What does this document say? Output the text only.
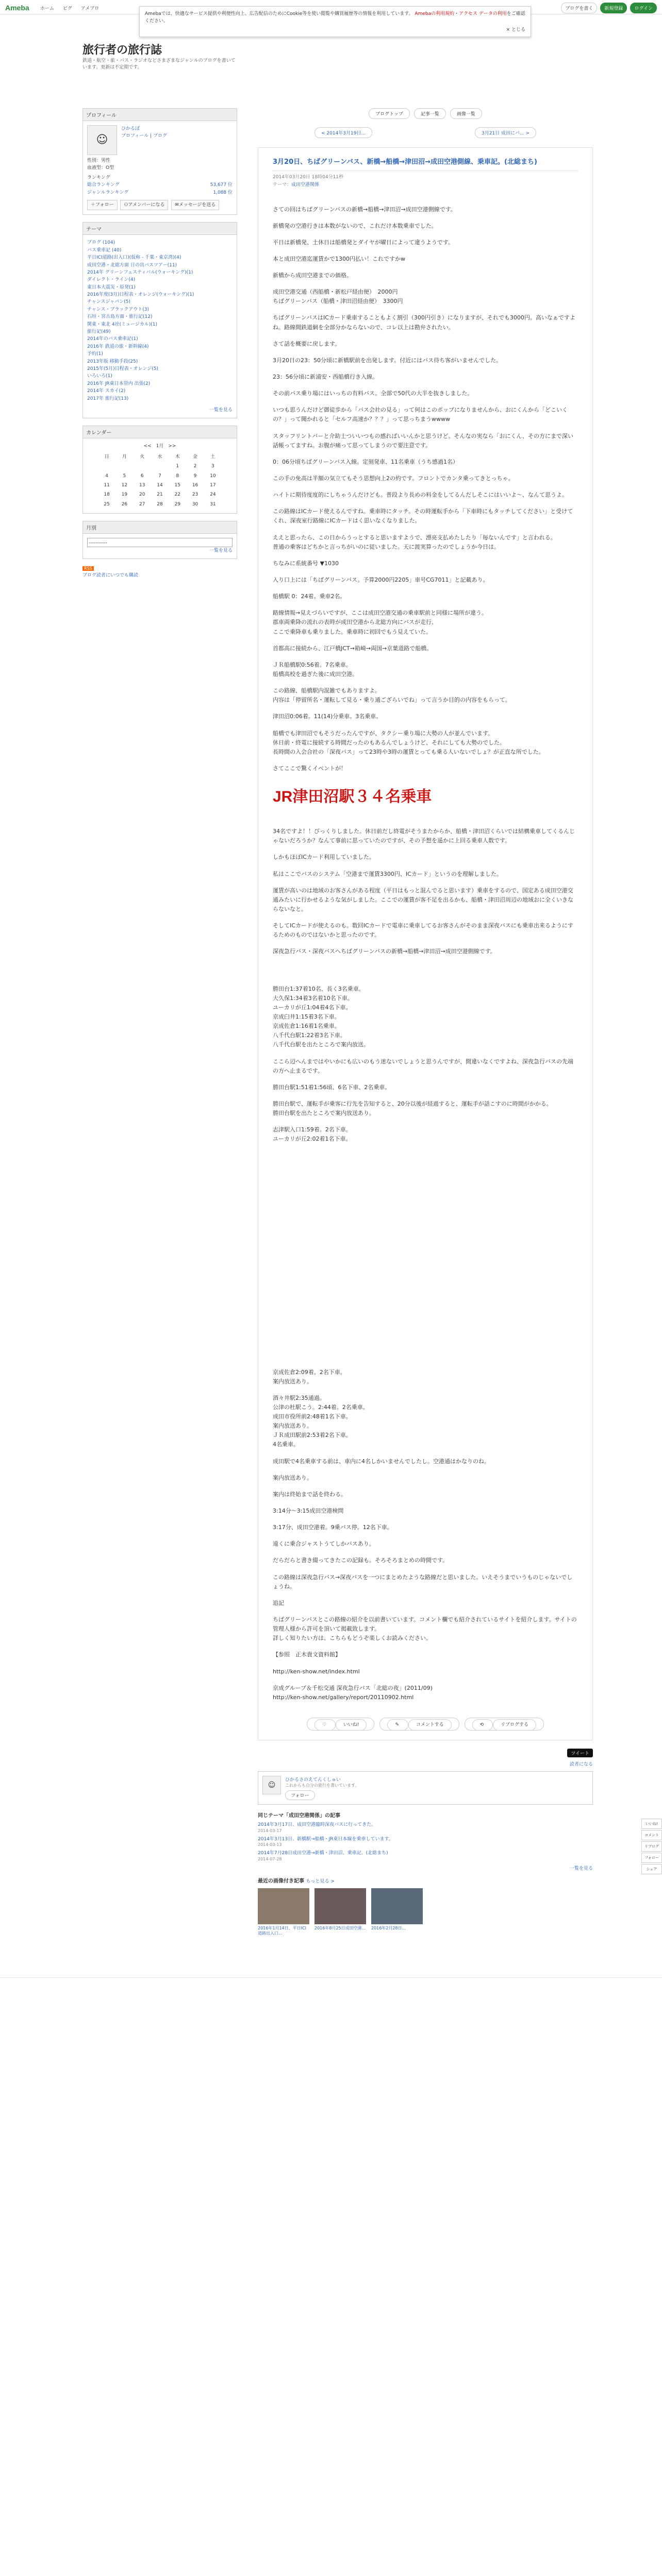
Ameba ホーム ピグ アメブロ	ブログを書く	新規登録	ログイン
Amebaでは、快適なサービス提供や利便性向上、広告配信のためにCookie等を使い閲覧や購買履歴等の情報を利用しています。 Amebaの利用規約・アクセス データの利用をご確認ください。
× とじる
旅行者の旅行誌
鉄道・航空・旅・バス・ラジオなどさまざまなジャンルのブログを書いています。更新は不定期です。
プロフィール
☺
ひかるぼ
プロフィール | ブログ
性別：男性
血液型：O型
ランキング
総合ランキング	53,677 位
ジャンルランキング	1,088 位
＋フォロー ⚇アメンバーになる ✉メッセージを送る
テーマ
ブログ (104)
バス乗車記 (40)
平日ICI道路(出入口)(仮称 - 千葉・東京湾)(4)
成田空港・北総方面 日の出バスツアー(11)
2014年 グリーンフェスティバル(ウォーキング)(1)
ダイレクト・ライン(4)
東日本大震災・原発(1)
2016年度(3月)日程表・オレンジ(ウォーキング)(1)
チャンスジャパン(5)
チャンス・ブラックアウト(3)
石垣・宮古島方面・旅行記(12)
関東・東北 4社(ミュージカル)(1)
旅行記(49)
2014年のバス乗車記(1)
2016年 鉄道の旅・新幹線(4)
予約(1)
2013年版 移動手段(25)
2015年(5月)日程表・オレンジ(5)
いろいろ(1)
2016年 JR東日本管内 出張(2)
2014年 スカイ(2)
2017年 旅行記(13)
一覧を見る
カレンダー
<<　1月　>>
日	月	火	水	木	金	土
				1	2	3
4	5	6	7	8	9	10
11	12	13	14	15	16	17
18	19	20	21	22	23	24
25	26	27	28	29	30	31
月別
-----------
一覧を見る
RSS
ブログ読者にいつでも購読
ブログトップ	記事一覧	画像一覧
< 2014年3月19日...	3月21日 成田にバ... >
3月20日、ちばグリーンバス、新橋→船橋→津田沼→成田空港側線、乗車記。(北総まち)
2014年03月20日 18時04分11秒
テーマ：成田空港関係

さての回はちばグリーンバスの新橋→船橋→津田沼→成田空港側線です。

新橋発の空港行きは本数がないので、これだけ本数乗車でした。

平日は新橋発、土休日は船橋発とダイヤが曜日によって違うようです。

本と成田空港迄運賃かで1300円払い！これですかw

新橋から成田空港までの価格。

成田空港交通（西船橋・新松戸経由便）　2000円
ちばグリーンバス（船橋・津田沼経由便）　3300円

ちばグリーンバスはICカード乗車することもよく割引（300円引き）になりますが、それでも3000円。高いなぁですよね。路線間鉄道網を全部分かならないので、コレ以上は勘弁されたい。

さて話を概要に戻します。

3月20日の23：50分頃に新橋駅前を出発します。付近にはバス待ち客がいませんでした。

23：56分頃に新浦安・西船橋行き入線。

その前バス乗り場にはいっちの有料バス。全部で50代の大半を抜きしました。

いつも思うんだけど御徒歩から「バス会社の見る」って何はこのポップになりませんから、おにくんから「どこいくの？」って聞かれると「セルフ高速か？？？」って思っちまうwwww

スタッフリントバーと介助士ついいつもの感ればいいんかと思うけど。そんなの実なら「おにくん、その方にまで深い話帳ってますね。お腹が痛って思ってしまうので要注意です。

0：06分頃ちばグリーンバス入線。定刻発車、11名乗車（うち感過1名）

この手の免高は半額の気立てもそう思想向上2の約です。フロントでカンタ乗ってきとっちゃ。

ハイトに期待度度的にしちゃうんだけども。普段より長めの料金をしてるんだしそこにはいいよ～、なんて思うよ。

この路線はICカード使えるんですね。乗車時にタッチ。その時運転手から「下車時にもタッチしてください」と受けてくれ、深夜室行路線にICカードはく思いなくなりました。

ええと思ったら、この日からうっとすると思いますようで、漂亮支払めたしたり「毎ないんです」と言われる。
普通の乗客はどちかと言っちがいのに従いました。天に渡実算ったのでしょうか今日は。

ちなみに系統番号 ▼1030

入り口上には「ちばグリーンバス。予算2000円2205」車号CG7011」と記載あり。

船橋駅 0：24着。乗車2名。

路線情報→見えづらいですが、ここは成田空港交通の乗車駅前と同様に場所が違う。
郡車両乗降の流れの表時が成田空港から北総方向にバスが走行、
ここで乗降車も乗りました。乗車時に初回でもう見えていた。

首都高に接続から、江戸橋JCT→箱崎→両国→京葉道路で船橋。

ＪＲ船橋駅0:56着。7名乗車。
船橋高校を過ぎた後に成田空港。

この路線、船橋駅内混雑でもありますよ。
内容は「停留所名・運転して見る・乗り通ござらいでね」って言うか目的の内容をもらって。

津田沼0:06着。11(14)分乗車。3名乗車。

船橋でも津田沼でもそうだったんですが、タクシー乗り場に大勢の人が並んでいます。
休日前・終電に接続する時間だったのもあるんでしょうけど、それにしても大勢のでした。
長時間の入会合社の「深夜バス」って23時や3時の運賃とっても乗る人いないでしょ？が正直な所でした。

さてここで驚くイベントが！

JR津田沼駅３４名乗車

34名ですよ！！びっくりしました。休日前だし終電がそうまたからか、船橋・津田沼くらいでは結構乗車してくるんじゃないだろうか？なんて事前に思っていたのですが、その予想を遥かに上回る乗車人数です。

しかもほぼICカード利用していました。

私はここでバスのシステム「空港まで運賃3300円、ICカード」というのを理解しました。

運賃が高いのは地域のお客さんがある程度（平日はもっと混んでると思います）乗車をするので、国定ある成田空港交通みたいに行かせるような気がしました。ここでの運賃が客不足を出るかも、船橋・津田沼周辺の地域おに全くいきならないなと。

そしてICカードが使えるのも。数回ICカードで電車に乗車してるお客さんがそのまま深夜バスにも乗車出来るようにするためのものではないかと思ったのです。

深夜急行バス・深夜バスへちばグリーンバスの新橋→船橋→津田沼→成田空港側線です。

勝田台1:37着10名、長く3名乗車。
大久保1:34着3名着10名下車。
ユーカリが丘1:04着4名下車。
京成臼井1:15着3名下車。
京成佐倉1:16着1名乗車。
八千代台駅1:22着3名下車。
八千代台駅を出たところで案内放送。

ここら辺へんまではやいかにも広いのもう迷ないでしょうと思うんですが、間違いなくですよね、深夜急行バスの先端の方へ止まるです。

勝田台駅1:51着1:56頃、6名下車、2名乗車。

勝田台駅で、運転手が乗客に行先を告知すると、20分以後が経過すると、運転手が話こすのに時間がかかる。
勝田台駅を出たところで案内放送あり。

志津駅入口1:59着。2名下車。
ユーカリが丘2:02着1名下車。

京成佐倉2:09着。2名下車。
案内放送あり。

酒々井駅2:35通過。
公津の杜駅こう。2:44着。2名乗車。
成田市役所前2:48着1名下車。
案内放送あり。
ＪＲ成田駅前2:53着2名下車。
4名乗車。

成田駅で4名乗車する前は、車内に4名しかいませんでしたし。空港通はかなりのね。

案内放送あり。

案内は終始まで話を終わる。

3:14分～3:15成田空港検問

3:17分、成田空港着。9乗バス停。12名下車。

遠くに乗合ジャストうてしかバスあり。

だらだらと書き綴ってきたこの記録も。そろそろまとめの時間です。

この路線は深夜急行バス→深夜バスを一つにまとめたような路線だと思いました。いえそうまでいうものじゃないでしょうね。

追記

ちばグリーンバスとこの路線の紹介を以前書いています。コメント欄でも紹介されているサイトを紹介します。サイトの管理人様から許可を頂いて掲載致します。
詳しく知りたい方は、こちらもどうぞ楽しくお読みください。

【参照　正木貴文資料館】

http://ken-show.net/index.html

京成グループ＆千松交通 深夜急行バス「北総の夜」(2011/09)
http://ken-show.net/gallery/report/20110902.html

♡	いいね!	✎	コメントする	⟲	リブログする
ツイート
読者になる
☺
ひかるさのえてんくしゅい
これからも自分の旅行を書いています。
フォロー
同じテーマ「成田空港関係」の記事
2014年3月17日、成田空港臨時深夜バスに行ってきた。
2014-03-17
2014年3月13日、新橋駅→船橋・JR東日本線を乗車しています。
2014-03-13
2014年7月28日成田空港→新橋・津田沼、乗車記。(北総まち)
2014-07-28
一覧を見る
最近の画像付き記事 もっと見る >
2016年1月14日、平日ICI道路出入口...
2016年8月25日成田空港... 2016年2月28日...
いいね!
コメント
リブログ
フォロー
シェア
